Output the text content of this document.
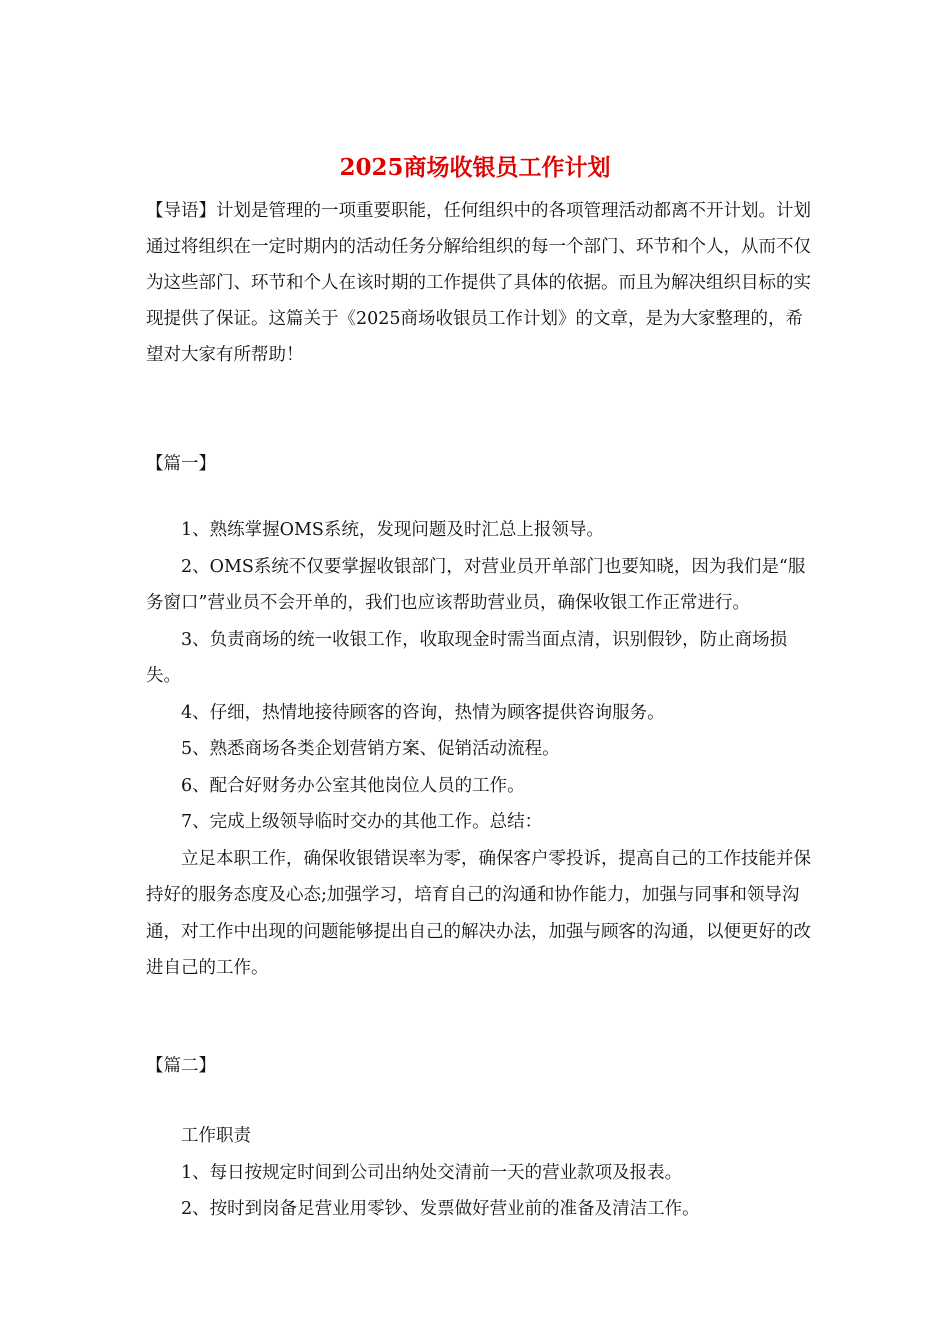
2025商场收银员工作计划

【导语】计划是管理的一项重要职能，任何组织中的各项管理活动都离不开计划。计划通过将组织在一定时期内的活动任务分解给组织的每一个部门、环节和个人，从而不仅为这些部门、环节和个人在该时期的工作提供了具体的依据。而且为解决组织目标的实现提供了保证。这篇关于《2025商场收银员工作计划》的文章，是为大家整理的，希望对大家有所帮助！

【篇一】

1、熟练掌握OMS系统，发现问题及时汇总上报领导。

2、OMS系统不仅要掌握收银部门，对营业员开单部门也要知晓，因为我们是“服务窗口”营业员不会开单的，我们也应该帮助营业员，确保收银工作正常进行。

3、负责商场的统一收银工作，收取现金时需当面点清，识别假钞，防止商场损失。

4、仔细，热情地接待顾客的咨询，热情为顾客提供咨询服务。

5、熟悉商场各类企划营销方案、促销活动流程。

6、配合好财务办公室其他岗位人员的工作。

7、完成上级领导临时交办的其他工作。总结：

立足本职工作，确保收银错误率为零，确保客户零投诉，提高自己的工作技能并保持好的服务态度及心态;加强学习，培育自己的沟通和协作能力，加强与同事和领导沟通，对工作中出现的问题能够提出自己的解决办法，加强与顾客的沟通，以便更好的改进自己的工作。

【篇二】

工作职责

1、每日按规定时间到公司出纳处交清前一天的营业款项及报表。

2、按时到岗备足营业用零钞、发票做好营业前的准备及清洁工作。
